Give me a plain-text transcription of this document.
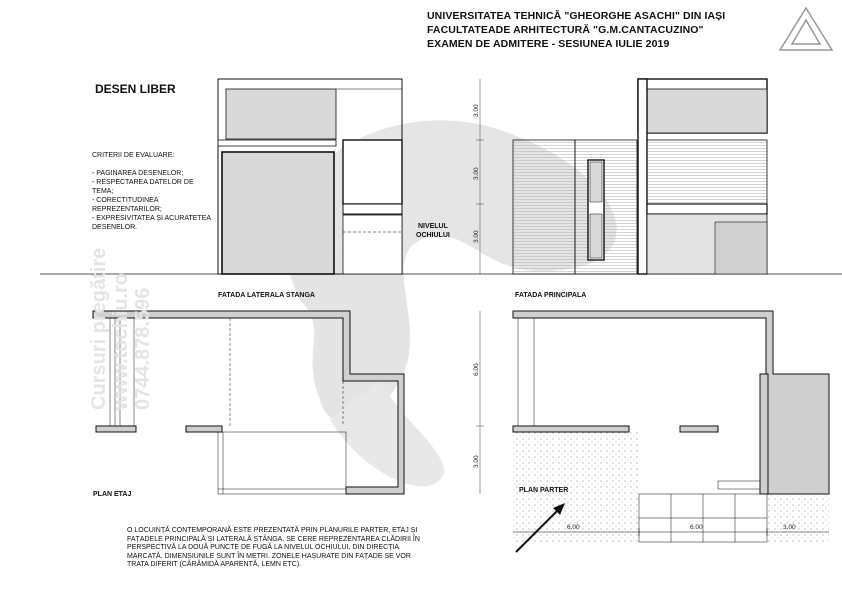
UNIVERSITATEA TEHNICĂ "GHEORGHE ASACHI" DIN IAȘI
FACULTATEADE ARHITECTURĂ "G.M.CANTACUZINO"
EXAMEN DE ADMITERE - SESIUNEA IULIE 2019
DESEN LIBER
CRITERII DE EVALUARE:
- PAGINAREA DESENELOR;
- RESPECTAREA DATELOR DE TEMA;
- CORECTITUDINEA REPREZENTARILOR;
- EXPRESIVITATEA ȘI ACURATETEA DESENELOR.	NIVELUL
OCHIULUI
FATADA LATERALA STANGA	FATADA PRINCIPALA
PLAN ETAJ
PLAN PARTER
3.00
3.00
3.00
6.00
3.00
6.00	6.00	3.00
O LOCUINȚĂ CONTEMPORANĂ ESTE PREZENTATĂ PRIN PLANURILE PARTER, ETAJ ȘI FAȚADELE PRINCIPALĂ ȘI LATERALĂ STÂNGA. SE CERE REPREZENTAREA CLĂDIRII ÎN PERSPECTIVĂ LA DOUĂ PUNCTE DE FUGĂ LA NIVELUL OCHIULUI, DIN DIRECȚIA MARCATĂ. DIMENSIUNILE SUNT ÎN METRI. ZONELE HAȘURATE DIN FAȚADE SE VOR TRATA DIFERIT (CĂRĂMIDĂ APARENTĂ, LEMN ETC).
Cursuri pregătire www.tochiu.ro 0744.878.596
